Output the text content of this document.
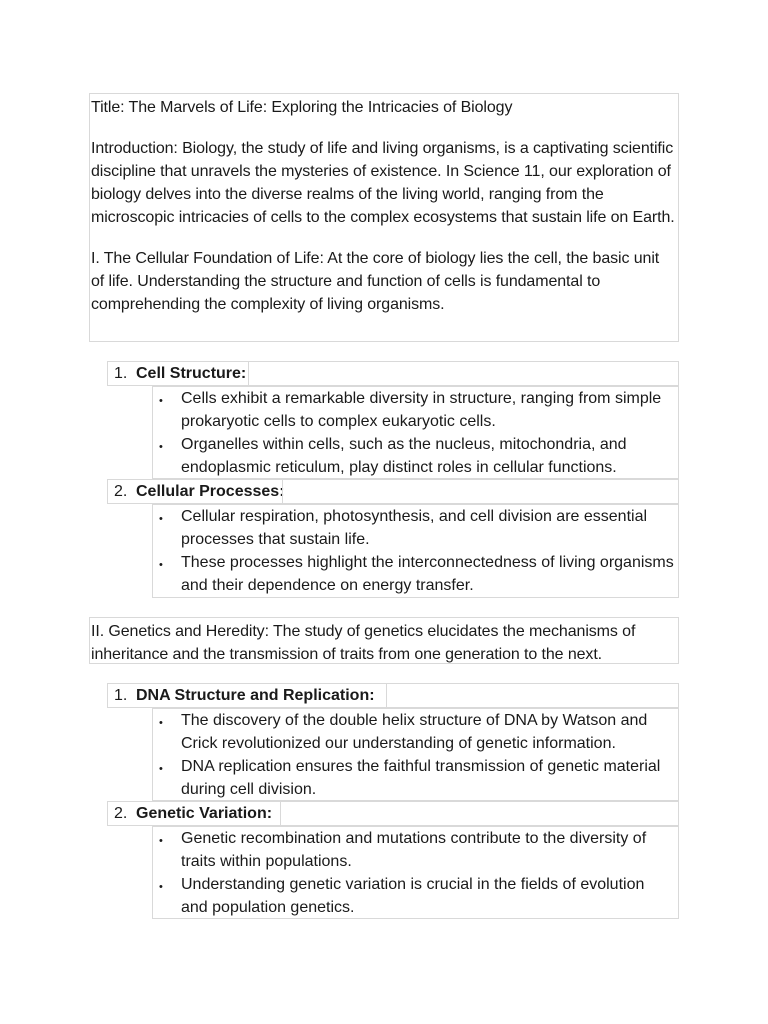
Title: The Marvels of Life: Exploring the Intricacies of Biology

Introduction: Biology, the study of life and living organisms, is a captivating scientific discipline that unravels the mysteries of existence. In Science 11, our exploration of biology delves into the diverse realms of the living world, ranging from the microscopic intricacies of cells to the complex ecosystems that sustain life on Earth.

I. The Cellular Foundation of Life: At the core of biology lies the cell, the basic unit of life. Understanding the structure and function of cells is fundamental to comprehending the complexity of living organisms.

1. Cell Structure:
• Cells exhibit a remarkable diversity in structure, ranging from simple prokaryotic cells to complex eukaryotic cells.
• Organelles within cells, such as the nucleus, mitochondria, and endoplasmic reticulum, play distinct roles in cellular functions.
2. Cellular Processes:
• Cellular respiration, photosynthesis, and cell division are essential processes that sustain life.
• These processes highlight the interconnectedness of living organisms and their dependence on energy transfer.

II. Genetics and Heredity: The study of genetics elucidates the mechanisms of inheritance and the transmission of traits from one generation to the next.

1. DNA Structure and Replication:
• The discovery of the double helix structure of DNA by Watson and Crick revolutionized our understanding of genetic information.
• DNA replication ensures the faithful transmission of genetic material during cell division.
2. Genetic Variation:
• Genetic recombination and mutations contribute to the diversity of traits within populations.
• Understanding genetic variation is crucial in the fields of evolution and population genetics.
